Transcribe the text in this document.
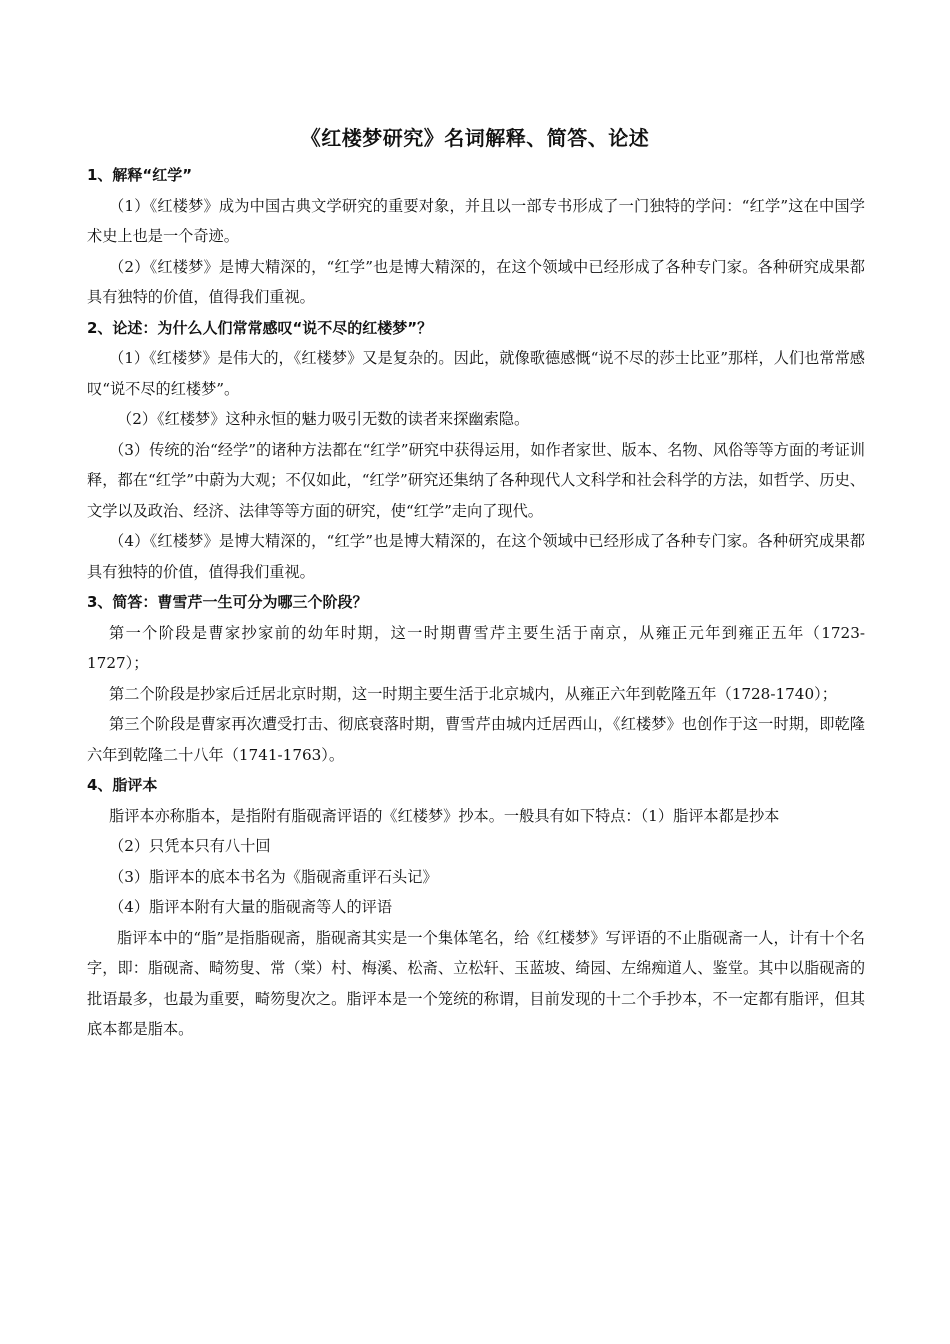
《红楼梦研究》名词解释、简答、论述

1、解释“红学”

（1）《红楼梦》成为中国古典文学研究的重要对象，并且以一部专书形成了一门独特的学问：“红学”这在中国学术史上也是一个奇迹。

（2）《红楼梦》是博大精深的，“红学”也是博大精深的，在这个领域中已经形成了各种专门家。各种研究成果都具有独特的价值，值得我们重视。

2、论述：为什么人们常常感叹“说不尽的红楼梦”？

（1）《红楼梦》是伟大的，《红楼梦》又是复杂的。因此，就像歌德感慨“说不尽的莎士比亚”那样，人们也常常感叹“说不尽的红楼梦”。

（2）《红楼梦》这种永恒的魅力吸引无数的读者来探幽索隐。

（3）传统的治“经学”的诸种方法都在“红学”研究中获得运用，如作者家世、版本、名物、风俗等等方面的考证训释，都在“红学”中蔚为大观；不仅如此，“红学”研究还集纳了各种现代人文科学和社会科学的方法，如哲学、历史、文学以及政治、经济、法律等等方面的研究，使“红学”走向了现代。

（4）《红楼梦》是博大精深的，“红学”也是博大精深的，在这个领域中已经形成了各种专门家。各种研究成果都具有独特的价值，值得我们重视。

3、简答：曹雪芹一生可分为哪三个阶段？

第一个阶段是曹家抄家前的幼年时期，这一时期曹雪芹主要生活于南京，从雍正元年到雍正五年（1723-1727）；

第二个阶段是抄家后迁居北京时期，这一时期主要生活于北京城内，从雍正六年到乾隆五年（1728-1740）；

第三个阶段是曹家再次遭受打击、彻底衰落时期，曹雪芹由城内迁居西山，《红楼梦》也创作于这一时期，即乾隆六年到乾隆二十八年（1741-1763）。

4、脂评本

脂评本亦称脂本，是指附有脂砚斋评语的《红楼梦》抄本。一般具有如下特点：（1）脂评本都是抄本

（2）只凭本只有八十回

（3）脂评本的底本书名为《脂砚斋重评石头记》

（4）脂评本附有大量的脂砚斋等人的评语

脂评本中的“脂”是指脂砚斋，脂砚斋其实是一个集体笔名，给《红楼梦》写评语的不止脂砚斋一人，计有十个名字，即：脂砚斋、畸笏叟、常（棠）村、梅溪、松斋、立松轩、玉蓝坡、绮园、左绵痴道人、鉴堂。其中以脂砚斋的批语最多，也最为重要，畸笏叟次之。脂评本是一个笼统的称谓，目前发现的十二个手抄本，不一定都有脂评，但其底本都是脂本。
